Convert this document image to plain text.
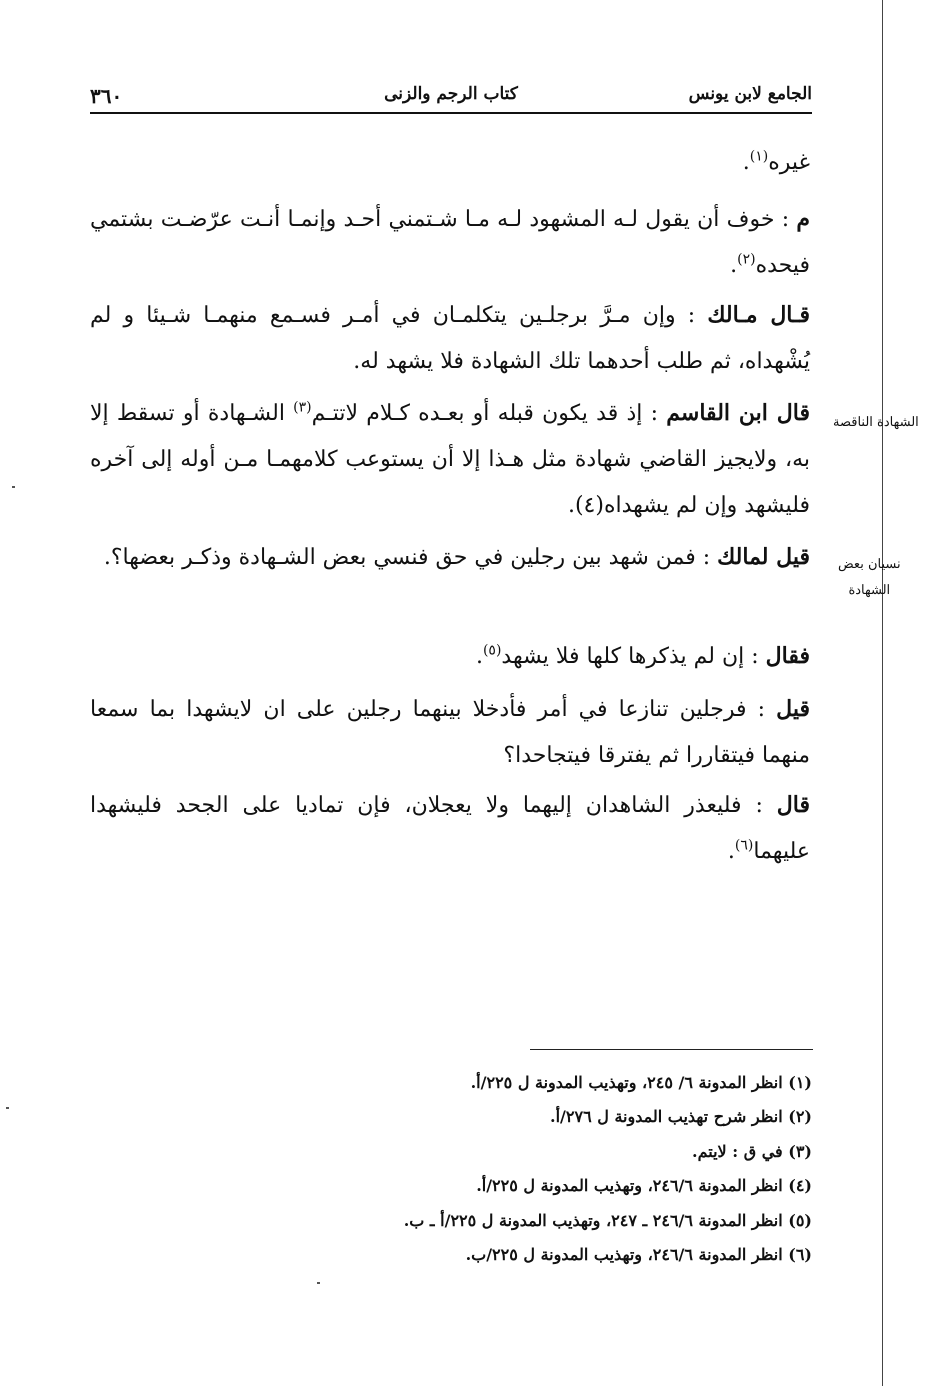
الجامع لابن يونس
كتاب الرجم والزنى
٣٦٠
غيره$^{(١)}$.
م : خوف أن يقول لـه المشهود لـه مـا شـتمني أحـد وإنمـا أنـت عرّضـت بشتمي فيحده$^{(٢)}$.
قـال مـالك : وإن مـرَّ برجلـين يتكلمـان في أمـر فسـمع منهمـا شـيئا و لم يُشْهداه، ثم طلب أحدهما تلك الشهادة فلا يشهد له.
قال ابن القاسم : إذ قد يكون قبله أو بعـده كـلام لاتتـم$^{(٣)}$ الشـهادة أو تسقط إلا به، ولايجيز القاضي شهادة مثل هـذا إلا أن يستوعب كلامهمـا مـن أوله إلى آخره فليشهد وإن لم يشهداه(٤).
قيل لمالك : فمن شهد بين رجلين في حق فنسي بعض الشـهادة وذكـر بعضها؟.
فقال : إن لم يذكرها كلها فلا يشهد$^{(٥)}$.
قيل : فرجلين تنازعا في أمر فأدخلا بينهما رجلين على ان لايشهدا بما سمعا منهما فيتقاررا ثم يفترقا فيتجاحدا؟
قال : فليعذر الشاهدان إليهما ولا يعجلان، فإن تماديا على الجحد فليشهدا عليهما$^{(٦)}$.
الشهادة الناقصة
نسيان بعض
الشهادة
(١) انظر المدونة ٦/ ٢٤٥، وتهذيب المدونة ل ٢٢٥/أ.
(٢) انظر شرح تهذيب المدونة ل ٢٧٦/أ.
(٣) في ق : لايتم.
(٤) انظر المدونة ٢٤٦/٦، وتهذيب المدونة ل ٢٢٥/أ.
(٥) انظر المدونة ٢٤٦/٦ ـ ٢٤٧، وتهذيب المدونة ل ٢٢٥/أ ـ ب.
(٦) انظر المدونة ٢٤٦/٦، وتهذيب المدونة ل ٢٢٥/ب.
